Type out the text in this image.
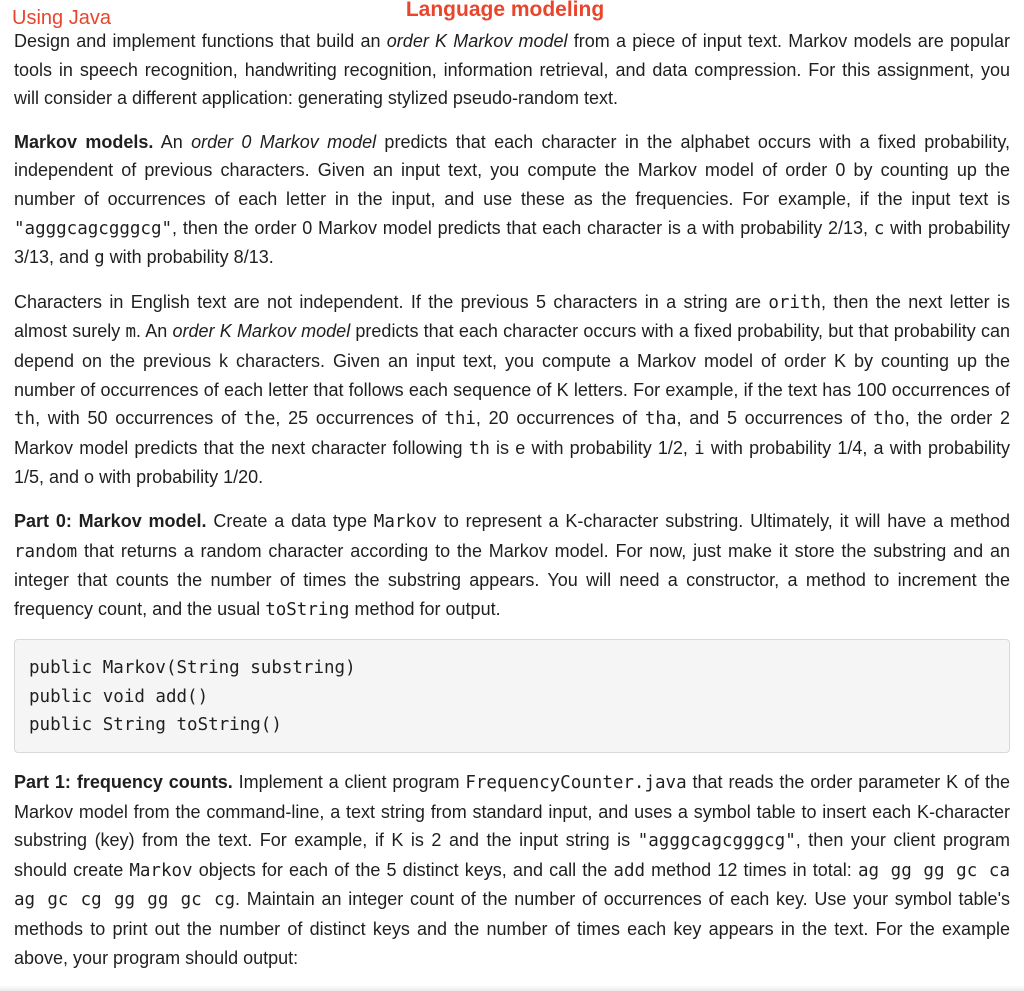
Using Java	Language modeling

Design and implement functions that build an order K Markov model from a piece of input text. Markov models are popular tools in speech recognition, handwriting recognition, information retrieval, and data compression. For this assignment, you will consider a different application: generating stylized pseudo-random text.

Markov models. An order 0 Markov model predicts that each character in the alphabet occurs with a fixed probability, independent of previous characters. Given an input text, you compute the Markov model of order 0 by counting up the number of occurrences of each letter in the input, and use these as the frequencies. For example, if the input text is "agggcagcgggcg", then the order 0 Markov model predicts that each character is a with probability 2/13, c with probability 3/13, and g with probability 8/13.

Characters in English text are not independent. If the previous 5 characters in a string are orith, then the next letter is almost surely m. An order K Markov model predicts that each character occurs with a fixed probability, but that probability can depend on the previous k characters. Given an input text, you compute a Markov model of order K by counting up the number of occurrences of each letter that follows each sequence of K letters. For example, if the text has 100 occurrences of th, with 50 occurrences of the, 25 occurrences of thi, 20 occurrences of tha, and 5 occurrences of tho, the order 2 Markov model predicts that the next character following th is e with probability 1/2, i with probability 1/4, a with probability 1/5, and o with probability 1/20.

Part 0: Markov model. Create a data type Markov to represent a K-character substring. Ultimately, it will have a method random that returns a random character according to the Markov model. For now, just make it store the substring and an integer that counts the number of times the substring appears. You will need a constructor, a method to increment the frequency count, and the usual toString method for output.

public Markov(String substring)
public void add()
public String toString()

Part 1: frequency counts. Implement a client program FrequencyCounter.java that reads the order parameter K of the Markov model from the command-line, a text string from standard input, and uses a symbol table to insert each K-character substring (key) from the text. For example, if K is 2 and the input string is "agggcagcgggcg", then your client program should create Markov objects for each of the 5 distinct keys, and call the add method 12 times in total: ag gg gg gc ca ag gc cg gg gg gc cg. Maintain an integer count of the number of occurrences of each key. Use your symbol table's methods to print out the number of distinct keys and the number of times each key appears in the text. For the example above, your program should output:
